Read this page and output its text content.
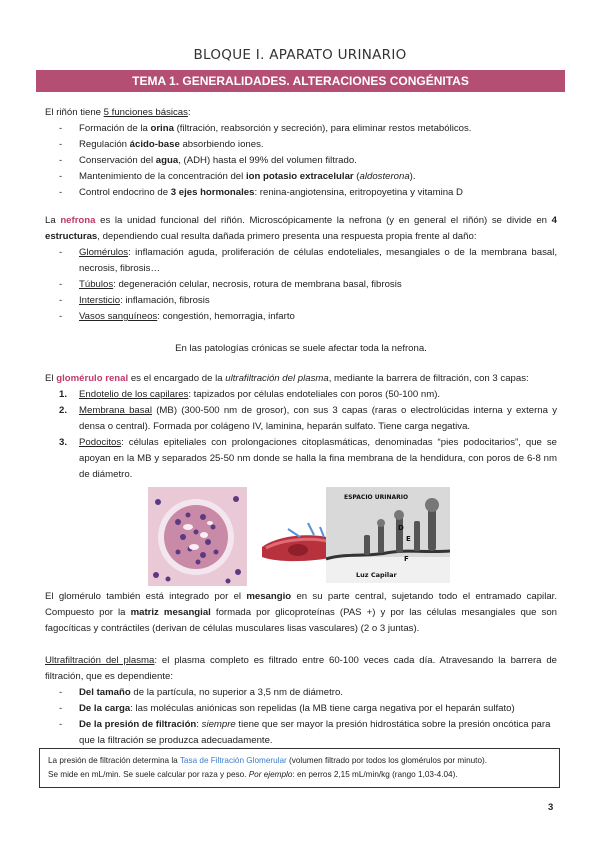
BLOQUE I. APARATO URINARIO
TEMA 1. GENERALIDADES. ALTERACIONES CONGÉNITAS
El riñón tiene 5 funciones básicas:
- Formación de la orina (filtración, reabsorción y secreción), para eliminar restos metabólicos.
- Regulación ácido-base absorbiendo iones.
- Conservación del agua, (ADH) hasta el 99% del volumen filtrado.
- Mantenimiento de la concentración del ion potasio extracelular (aldosterona).
- Control endocrino de 3 ejes hormonales: renina-angiotensina, eritropoyetina y vitamina D
La nefrona es la unidad funcional del riñón. Microscópicamente la nefrona (y en general el riñón) se divide en 4 estructuras, dependiendo cual resulta dañada primero presenta una respuesta propia frente al daño:
- Glomérulos: inflamación aguda, proliferación de células endoteliales, mesangiales o de la membrana basal, necrosis, fibrosis…
- Túbulos: degeneración celular, necrosis, rotura de membrana basal, fibrosis
- Intersticio: inflamación, fibrosis
- Vasos sanguíneos: congestión, hemorragia, infarto
En las patologías crónicas se suele afectar toda la nefrona.
El glomérulo renal es el encargado de la ultrafiltración del plasma, mediante la barrera de filtración, con 3 capas:
1. Endotelio de los capilares: tapizados por células endoteliales con poros (50-100 nm).
2. Membrana basal (MB) (300-500 nm de grosor), con sus 3 capas (raras o electrolúcidas interna y externa y densa o central). Formada por colágeno IV, laminina, heparán sulfato. Tiene carga negativa.
3. Podocitos: células epiteliales con prolongaciones citoplasmáticas, denominadas “pies podocitarios”, que se apoyan en la MB y separados 25-50 nm donde se halla la fina membrana de la hendidura, con poros de 6-8 nm de diámetro.
ESPACIO URINARIO
Luz Capilar
D
E
F
El glomérulo también está integrado por el mesangio en su parte central, sujetando todo el entramado capilar. Compuesto por la matriz mesangial formada por glicoproteínas (PAS +) y por las células mesangiales que son fagocíticas y contráctiles (derivan de células musculares lisas vasculares) (2 o 3 juntas).
Ultrafiltración del plasma: el plasma completo es filtrado entre 60-100 veces cada día. Atravesando la barrera de filtración, que es dependiente:
- Del tamaño de la partícula, no superior a 3,5 nm de diámetro.
- De la carga: las moléculas aniónicas son repelidas (la MB tiene carga negativa por el heparán sulfato)
- De la presión de filtración: siempre tiene que ser mayor la presión hidrostática sobre la presión oncótica para que la filtración se produzca adecuadamente.
La presión de filtración determina la Tasa de Filtración Glomerular (volumen filtrado por todos los glomérulos por minuto).
Se mide en mL/min. Se suele calcular por raza y peso. Por ejemplo: en perros 2,15 mL/min/kg (rango 1,03-4.04).
3
